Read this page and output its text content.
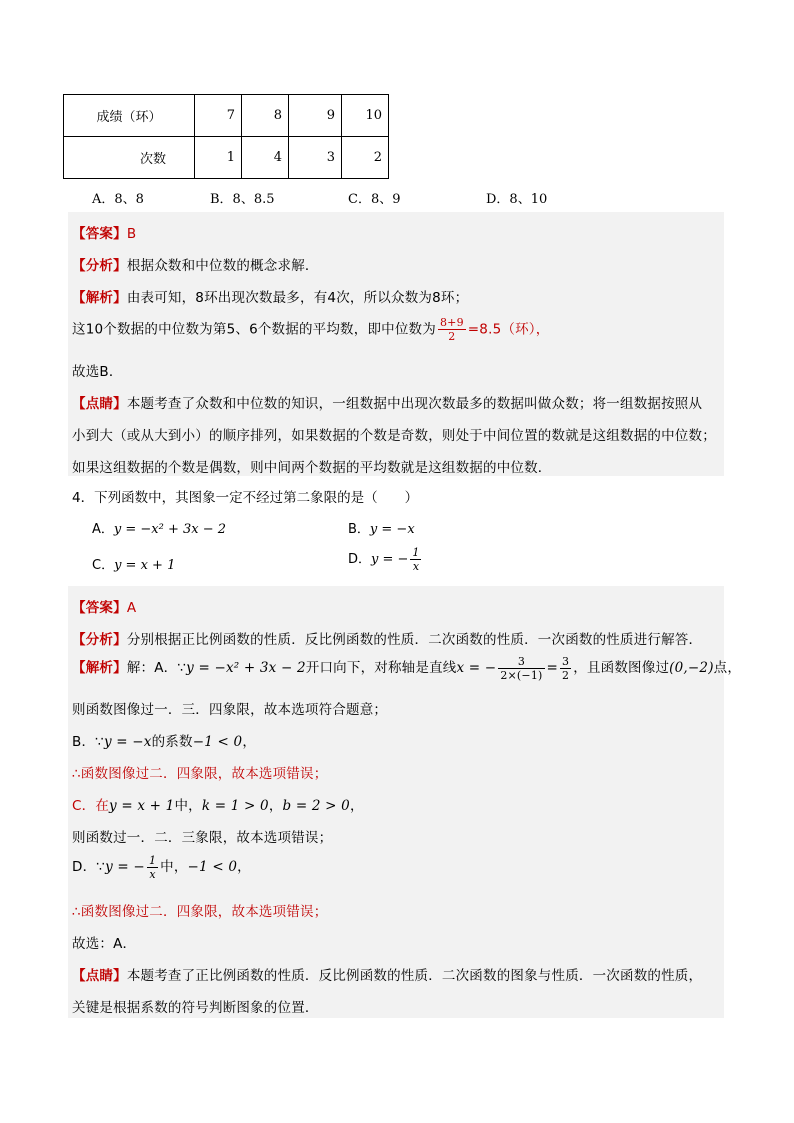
成绩（环）	7	8	9	10
次数	1	4	3	2
A．8、8	B．8、8.5	C．8、9	D．8、10
【答案】B
【分析】根据众数和中位数的概念求解．
【解析】由表可知，8环出现次数最多，有4次，所以众数为8环；
这10个数据的中位数为第5、6个数据的平均数，即中位数为 $\frac{8+9}{2} =8.5$（环），
故选B．
【点睛】本题考查了众数和中位数的知识，一组数据中出现次数最多的数据叫做众数；将一组数据按照从
小到大（或从大到小）的顺序排列，如果数据的个数是奇数，则处于中间位置的数就是这组数据的中位数；
如果这组数据的个数是偶数，则中间两个数据的平均数就是这组数据的中位数．
4．下列函数中，其图象一定不经过第二象限的是（　　）
A．y = −x² + 3x − 2	B．y = −x
C．y = x + 1	D．y = − $\frac{1}{x}$
【答案】A
【分析】分别根据正比例函数的性质．反比例函数的性质．二次函数的性质．一次函数的性质进行解答．
【解析】解：A．∵y = −x² + 3x − 2开口向下，对称轴是直线x = − $\frac{3}{2\times(-1)} = \frac{3}{2}$ ，且函数图像过(0,−2)点，
则函数图像过一．三．四象限，故本选项符合题意；
B．∵y = −x的系数−1 < 0，
∴函数图像过二．四象限，故本选项错误；
C．在y = x + 1中，k = 1 > 0，b = 2 > 0，
则函数过一．二．三象限，故本选项错误；
D．∵y = − $\frac{1}{x}$ 中，−1 < 0，
∴函数图像过二．四象限，故本选项错误；
故选：A．
【点睛】本题考查了正比例函数的性质．反比例函数的性质．二次函数的图象与性质．一次函数的性质，
关键是根据系数的符号判断图象的位置．
